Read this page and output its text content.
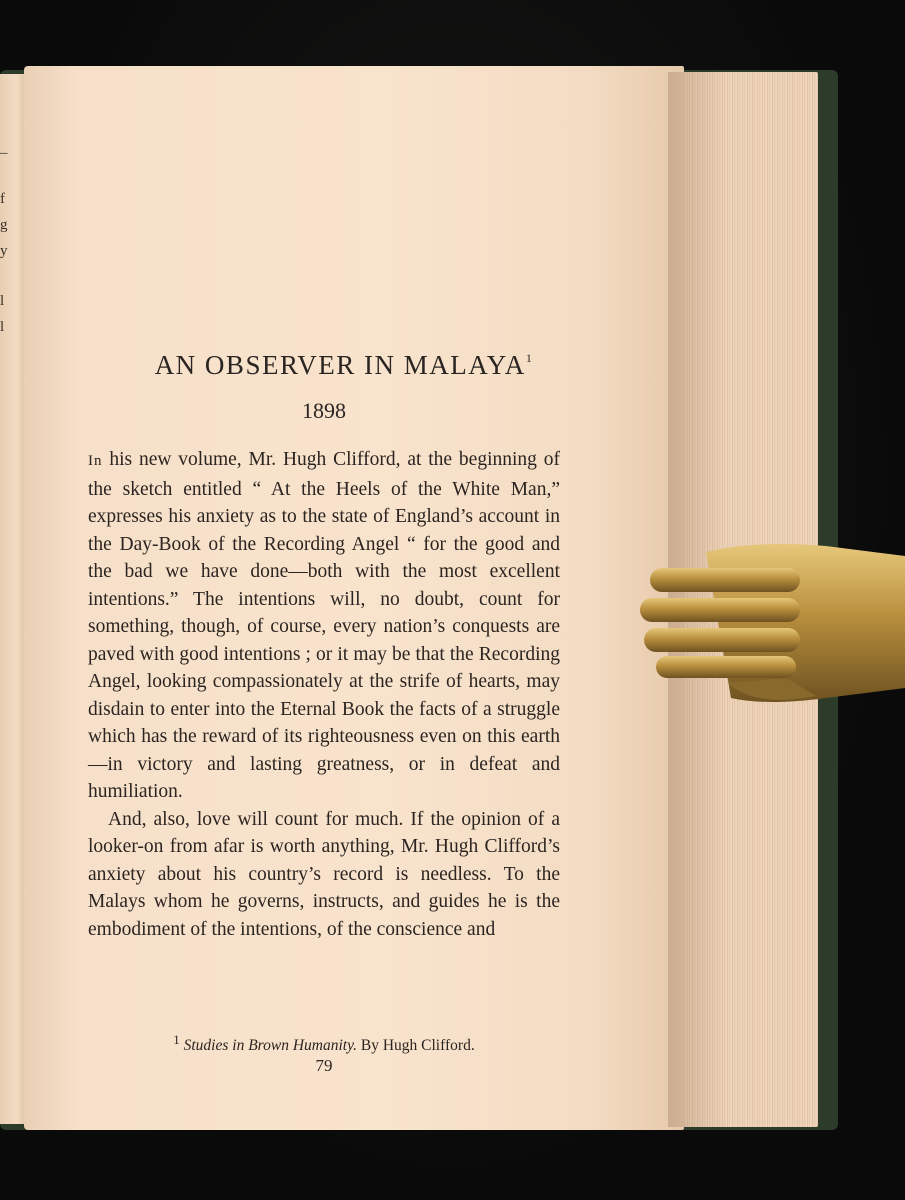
–
f
g
y
l
l
AN OBSERVER IN MALAYA$^1$
1898

In his new volume, Mr. Hugh Clifford, at the beginning of the sketch entitled “ At the Heels of the White Man,” expresses his anxiety as to the state of England’s account in the Day-Book of the Recording Angel “ for the good and the bad we have done—both with the most excellent intentions.” The intentions will, no doubt, count for something, though, of course, every nation’s conquests are paved with good intentions ; or it may be that the Recording Angel, looking compassionately at the strife of hearts, may disdain to enter into the Eternal Book the facts of a struggle which has the reward of its righteousness even on this earth—in victory and lasting greatness, or in defeat and humiliation.

And, also, love will count for much. If the opinion of a looker-on from afar is worth anything, Mr. Hugh Clifford’s anxiety about his country’s record is needless. To the Malays whom he governs, instructs, and guides he is the embodiment of the intentions, of the conscience and

$^1$ Studies in Brown Humanity. By Hugh Clifford.
79
